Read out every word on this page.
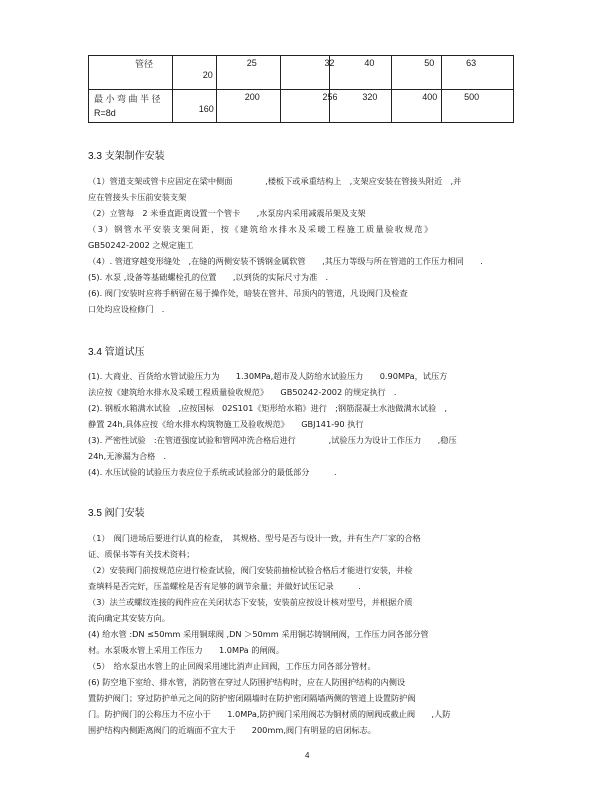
管径	20	25	32	40	50	63

最 小 弯 曲 半 径
R=8d	160	200	256	320	400	500
3.3 支架制作安装
（1）管道支架或管卡应固定在梁中侧面　　　　,楼板下或承重结构上　,支架应安装在管接头附近　,并
应在管接头卡压前安装支架
（2）立管每　2 米垂直距离设置一个管卡　　,水泵房内采用减震吊架及支架
（3）钢管水平安装支架间距，按《建筑给水排水及采暖工程施工质量验收规范》
GB50242-2002 之规定施工
（4）. 管道穿越变形缝处　,在缝的两侧安装不锈钢金属软管　　,其压力等级与所在管道的工作压力相同　　.
(5). 水泵 ,设备等基础螺栓孔的位置　　,以到货的实际尺寸为准　.
(6). 阀门安装时应将手柄留在易于操作处，暗装在管井、吊顶内的管道，凡设阀门及检查
口处均应设检修门　.
3.4 管道试压
(1). 大商业、百货给水管试验压力为　　1.30MPa,超市及人防给水试验压力　　0.90MPa，试压方
法应按《建筑给水排水及采暖工程质量验收规范》　　GB50242-2002 的规定执行　.
(2). 钢板水箱满水试验　,应按国标　02S101《矩形给水箱》进行　;钢筋混凝土水池做满水试验　,
静置 24h,具体应按《给水排水构筑物施工及验收规范》　　GBJ141-90 执行
(3). 严密性试验　:在管道强度试验和管网冲洗合格后进行　　　　,试验压力为设计工作压力　　,稳压
24h,无渗漏为合格　.
(4). 水压试验的试验压力表应位于系统或试验部分的最低部分　　　.
3.5 阀门安装
（1）　阀门进场后要进行认真的检查，　其规格、型号是否与设计一致，并有生产厂家的合格
证、质保书等有关技术资料；
（2）安装阀门前按规范应进行检查试验，阀门安装前抽检试验合格后才能进行安装，井检
查填料是否完好，压盖螺栓是否有足够的调节余量；并做好试压记录　　　.
（3）法兰或螺纹连接的阀件应在关闭状态下安装，安装前应按设计核对型号，并根据介质
流向确定其安装方向。
(4) 给水管 :DN ≤50mm 采用铜球阀 ,DN ＞50mm 采用铜芯铸钢闸阀，工作压力同各部分管
材。水泵吸水管上采用工作压力　　1.0MPa 的闸阀。
（5）　给水泵出水管上的止回阀采用速比消声止回阀，工作压力同各部分管材。
(6) 防空地下室给、排水管，消防管在穿过人防围护结构时，应在人防围护结构的内侧设
置防护阀门；穿过防护单元之间的防护密闭隔墙时在防护密闭隔墙两侧的管道上设置防护阀
门。防护阀门的公称压力不应小于　　1.0MPa,防护阀门采用阀芯为铜材质的闸阀或截止阀　　,人防
围护结构内侧距离阀门的近端面不宜大于　　200mm,阀门有明显的启闭标志。
4
